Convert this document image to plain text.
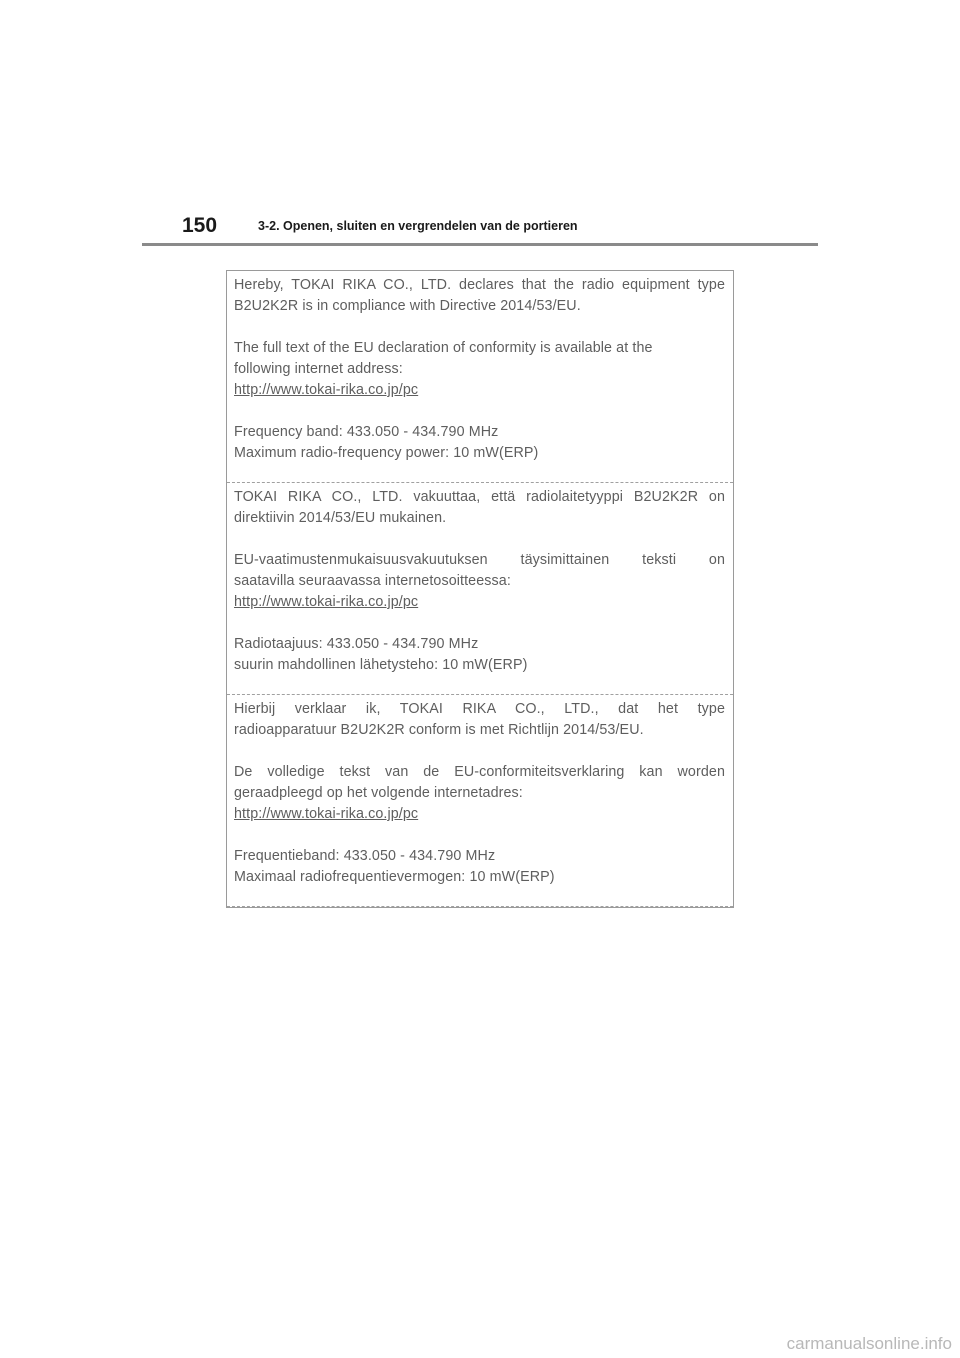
150	3-2. Openen, sluiten en vergrendelen van de portieren
Hereby, TOKAI RIKA CO., LTD. declares that the radio equipment type
B2U2K2R is in compliance with Directive 2014/53/EU.
The full text of the EU declaration of conformity is available at the
following internet address:
http://www.tokai-rika.co.jp/pc
Frequency band: 433.050 - 434.790 MHz
Maximum radio-frequency power: 10 mW(ERP)
TOKAI RIKA CO., LTD. vakuuttaa, että radiolaitetyyppi B2U2K2R on
direktiivin 2014/53/EU mukainen.
EU-vaatimustenmukaisuusvakuutuksen täysimittainen teksti on
saatavilla seuraavassa internetosoitteessa:
http://www.tokai-rika.co.jp/pc
Radiotaajuus: 433.050 - 434.790 MHz
suurin mahdollinen lähetysteho: 10 mW(ERP)
Hierbij verklaar ik, TOKAI RIKA CO., LTD., dat het type
radioapparatuur B2U2K2R conform is met Richtlijn 2014/53/EU.
De volledige tekst van de EU-conformiteitsverklaring kan worden
geraadpleegd op het volgende internetadres:
http://www.tokai-rika.co.jp/pc
Frequentieband: 433.050 - 434.790 MHz
Maximaal radiofrequentievermogen: 10 mW(ERP)
carmanualsonline.info
